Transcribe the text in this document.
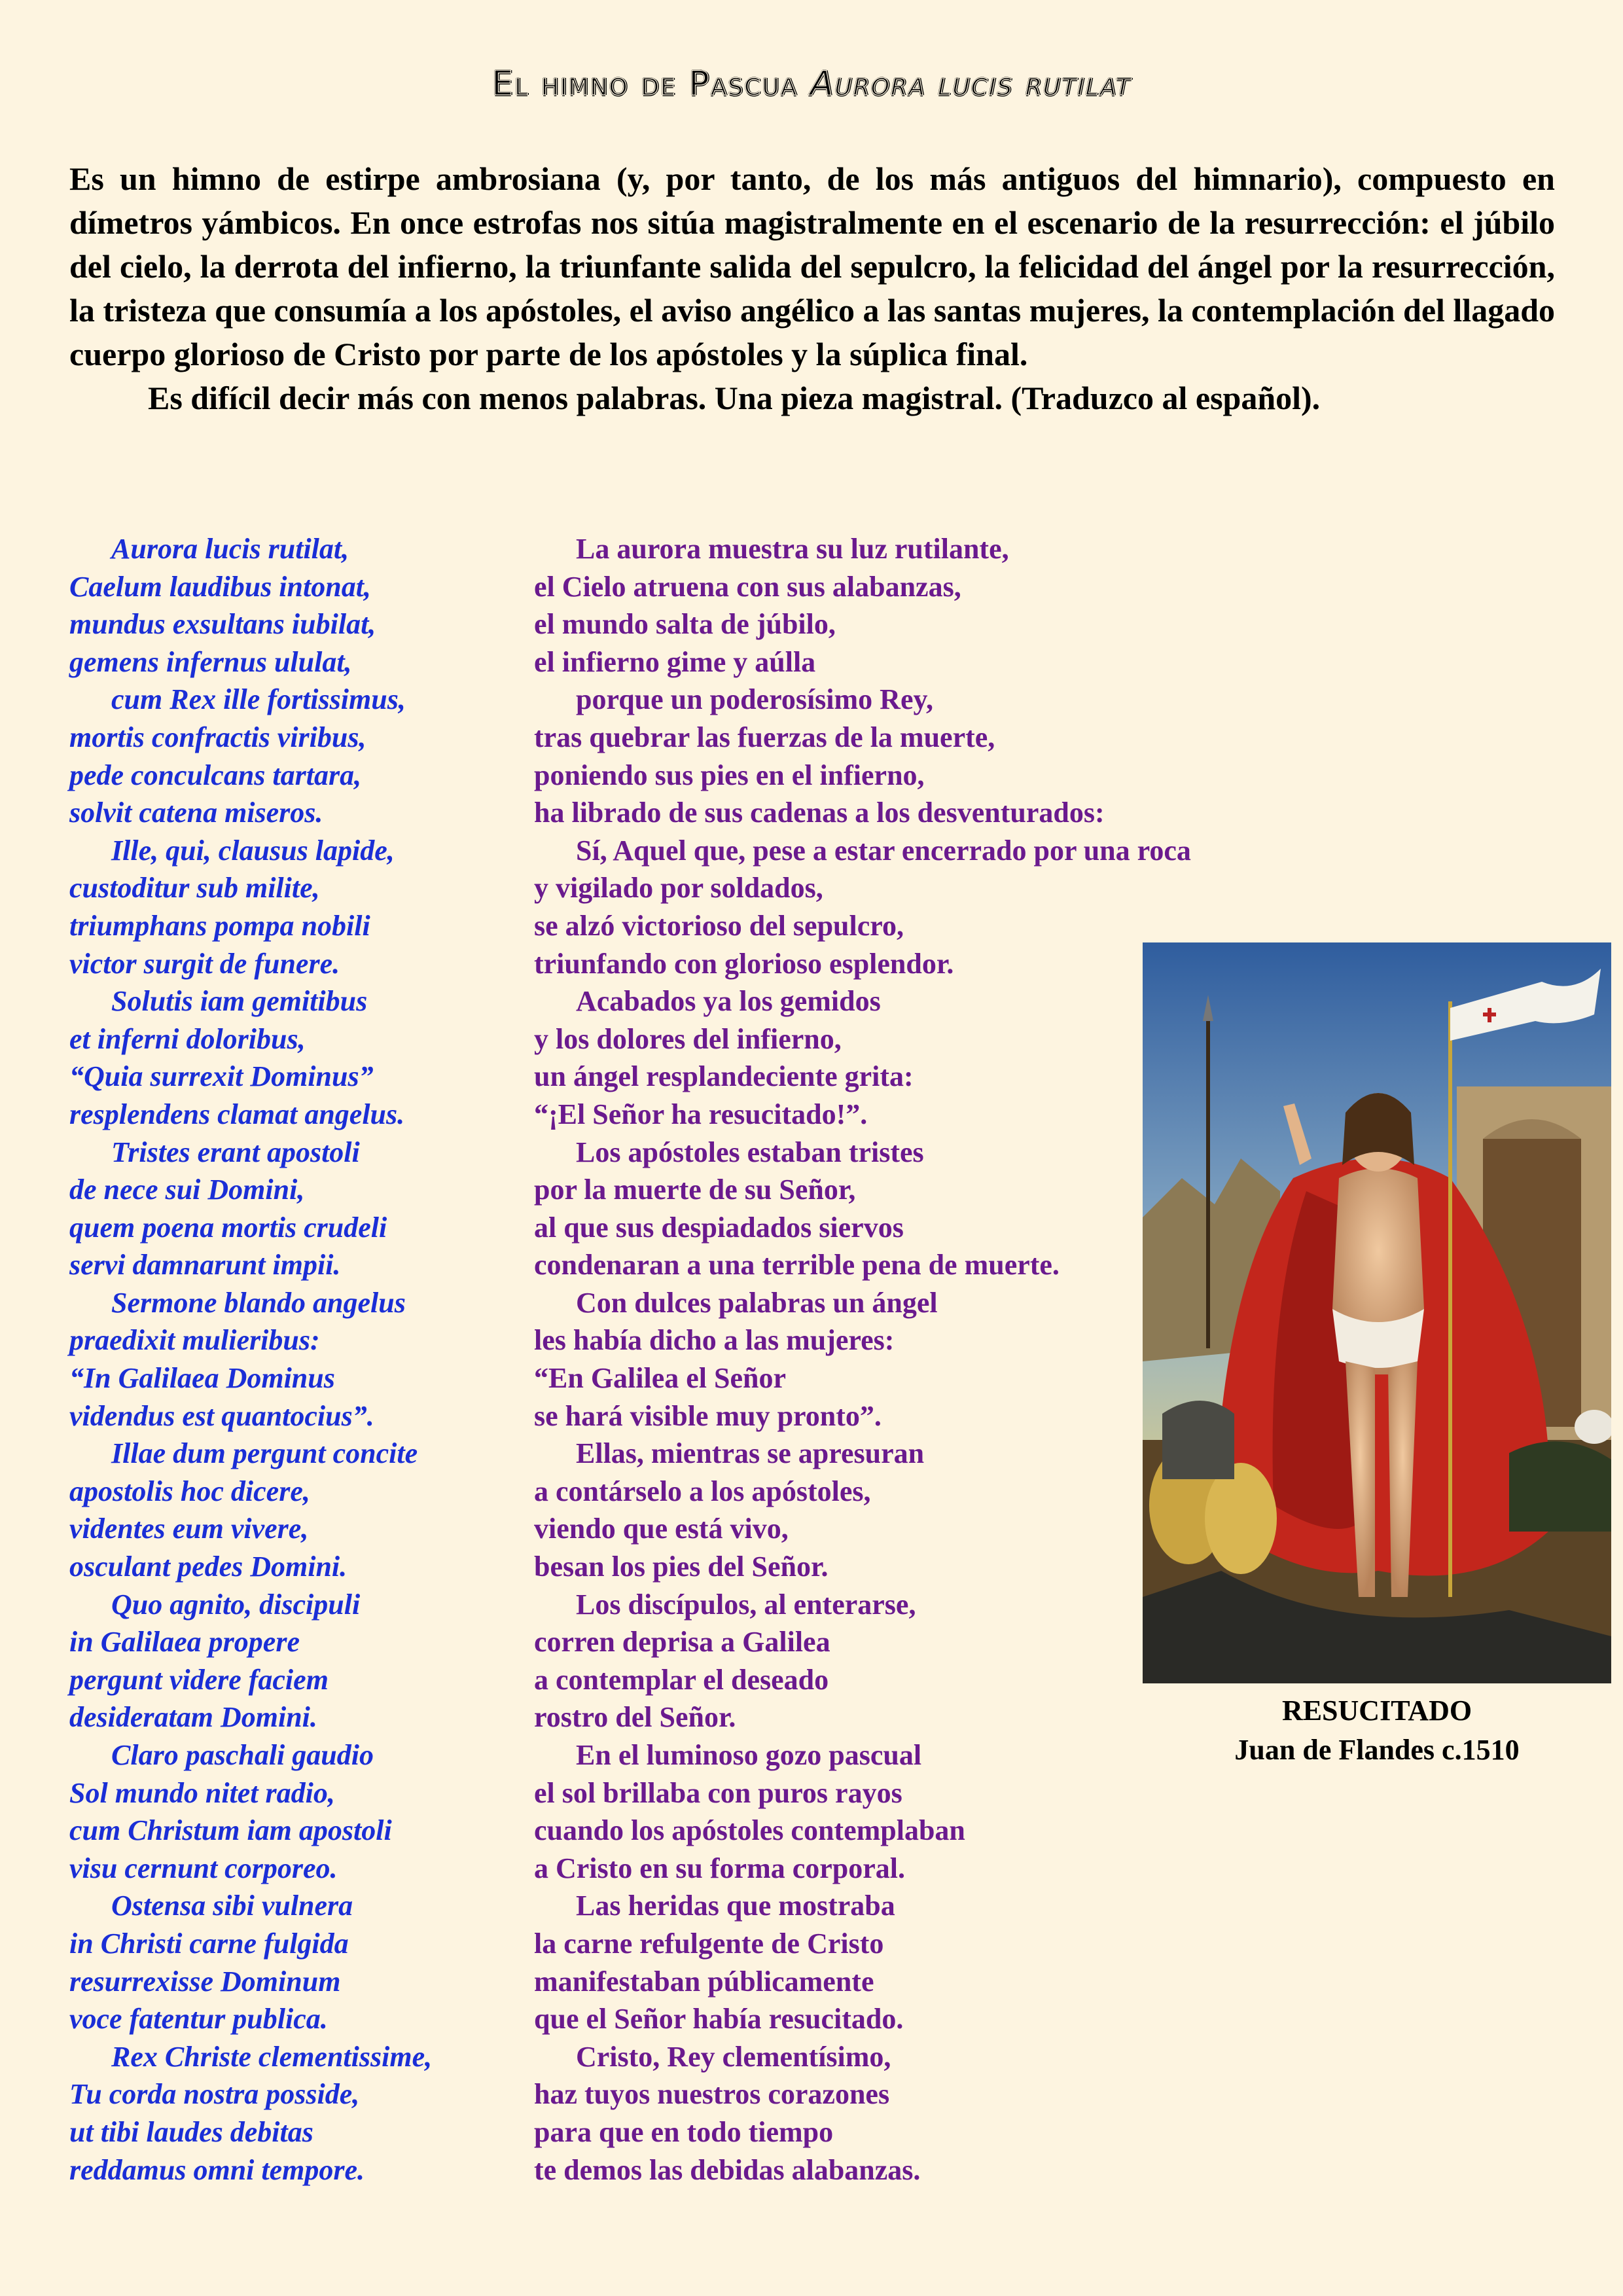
El himno de Pascua Aurora lucis rutilat

Es un himno de estirpe ambrosiana (y, por tanto, de los más antiguos del himnario), compuesto en dímetros yámbicos. En once estrofas nos sitúa magistralmente en el escenario de la resurrección: el júbilo del cielo, la derrota del infierno, la triunfante salida del sepulcro, la felicidad del ángel por la resurrección, la tristeza que consumía a los apóstoles, el aviso angélico a las santas mujeres, la contemplación del llagado cuerpo glorioso de Cristo por parte de los apóstoles y la súplica final.

Es difícil decir más con menos palabras. Una pieza magistral. (Traduzco al español).

Aurora lucis rutilat,
Caelum laudibus intonat,
mundus exsultans iubilat,
gemens infernus ululat,
cum Rex ille fortissimus,
mortis confractis viribus,
pede conculcans tartara,
solvit catena miseros.
Ille, qui, clausus lapide,
custoditur sub milite,
triumphans pompa nobili
victor surgit de funere.
Solutis iam gemitibus
et inferni doloribus,
“Quia surrexit Dominus”
resplendens clamat angelus.
Tristes erant apostoli
de nece sui Domini,
quem poena mortis crudeli
servi damnarunt impii.
Sermone blando angelus
praedixit mulieribus:
“In Galilaea Dominus
videndus est quantocius”.
Illae dum pergunt concite
apostolis hoc dicere,
videntes eum vivere,
osculant pedes Domini.
Quo agnito, discipuli
in Galilaea propere
pergunt videre faciem
desideratam Domini.
Claro paschali gaudio
Sol mundo nitet radio,
cum Christum iam apostoli
visu cernunt corporeo.
Ostensa sibi vulnera
in Christi carne fulgida
resurrexisse Dominum
voce fatentur publica.
Rex Christe clementissime,
Tu corda nostra posside,
ut tibi laudes debitas
reddamus omni tempore.
La aurora muestra su luz rutilante,
el Cielo atruena con sus alabanzas,
el mundo salta de júbilo,
el infierno gime y aúlla
porque un poderosísimo Rey,
tras quebrar las fuerzas de la muerte,
poniendo sus pies en el infierno,
ha librado de sus cadenas a los desventurados:
Sí, Aquel que, pese a estar encerrado por una roca
y vigilado por soldados,
se alzó victorioso del sepulcro,
triunfando con glorioso esplendor.
Acabados ya los gemidos
y los dolores del infierno,
un ángel resplandeciente grita:
“¡El Señor ha resucitado!”.
Los apóstoles estaban tristes
por la muerte de su Señor,
al que sus despiadados siervos
condenaran a una terrible pena de muerte.
Con dulces palabras un ángel
les había dicho a las mujeres:
“En Galilea el Señor
se hará visible muy pronto”.
Ellas, mientras se apresuran
a contárselo a los apóstoles,
viendo que está vivo,
besan los pies del Señor.
Los discípulos, al enterarse,
corren deprisa a Galilea
a contemplar el deseado
rostro del Señor.
En el luminoso gozo pascual
el sol brillaba con puros rayos
cuando los apóstoles contemplaban
a Cristo en su forma corporal.
Las heridas que mostraba
la carne refulgente de Cristo
manifestaban públicamente
que el Señor había resucitado.
Cristo, Rey clementísimo,
haz tuyos nuestros corazones
para que en todo tiempo
te demos las debidas alabanzas.
RESUCITADO
Juan de Flandes c.1510
